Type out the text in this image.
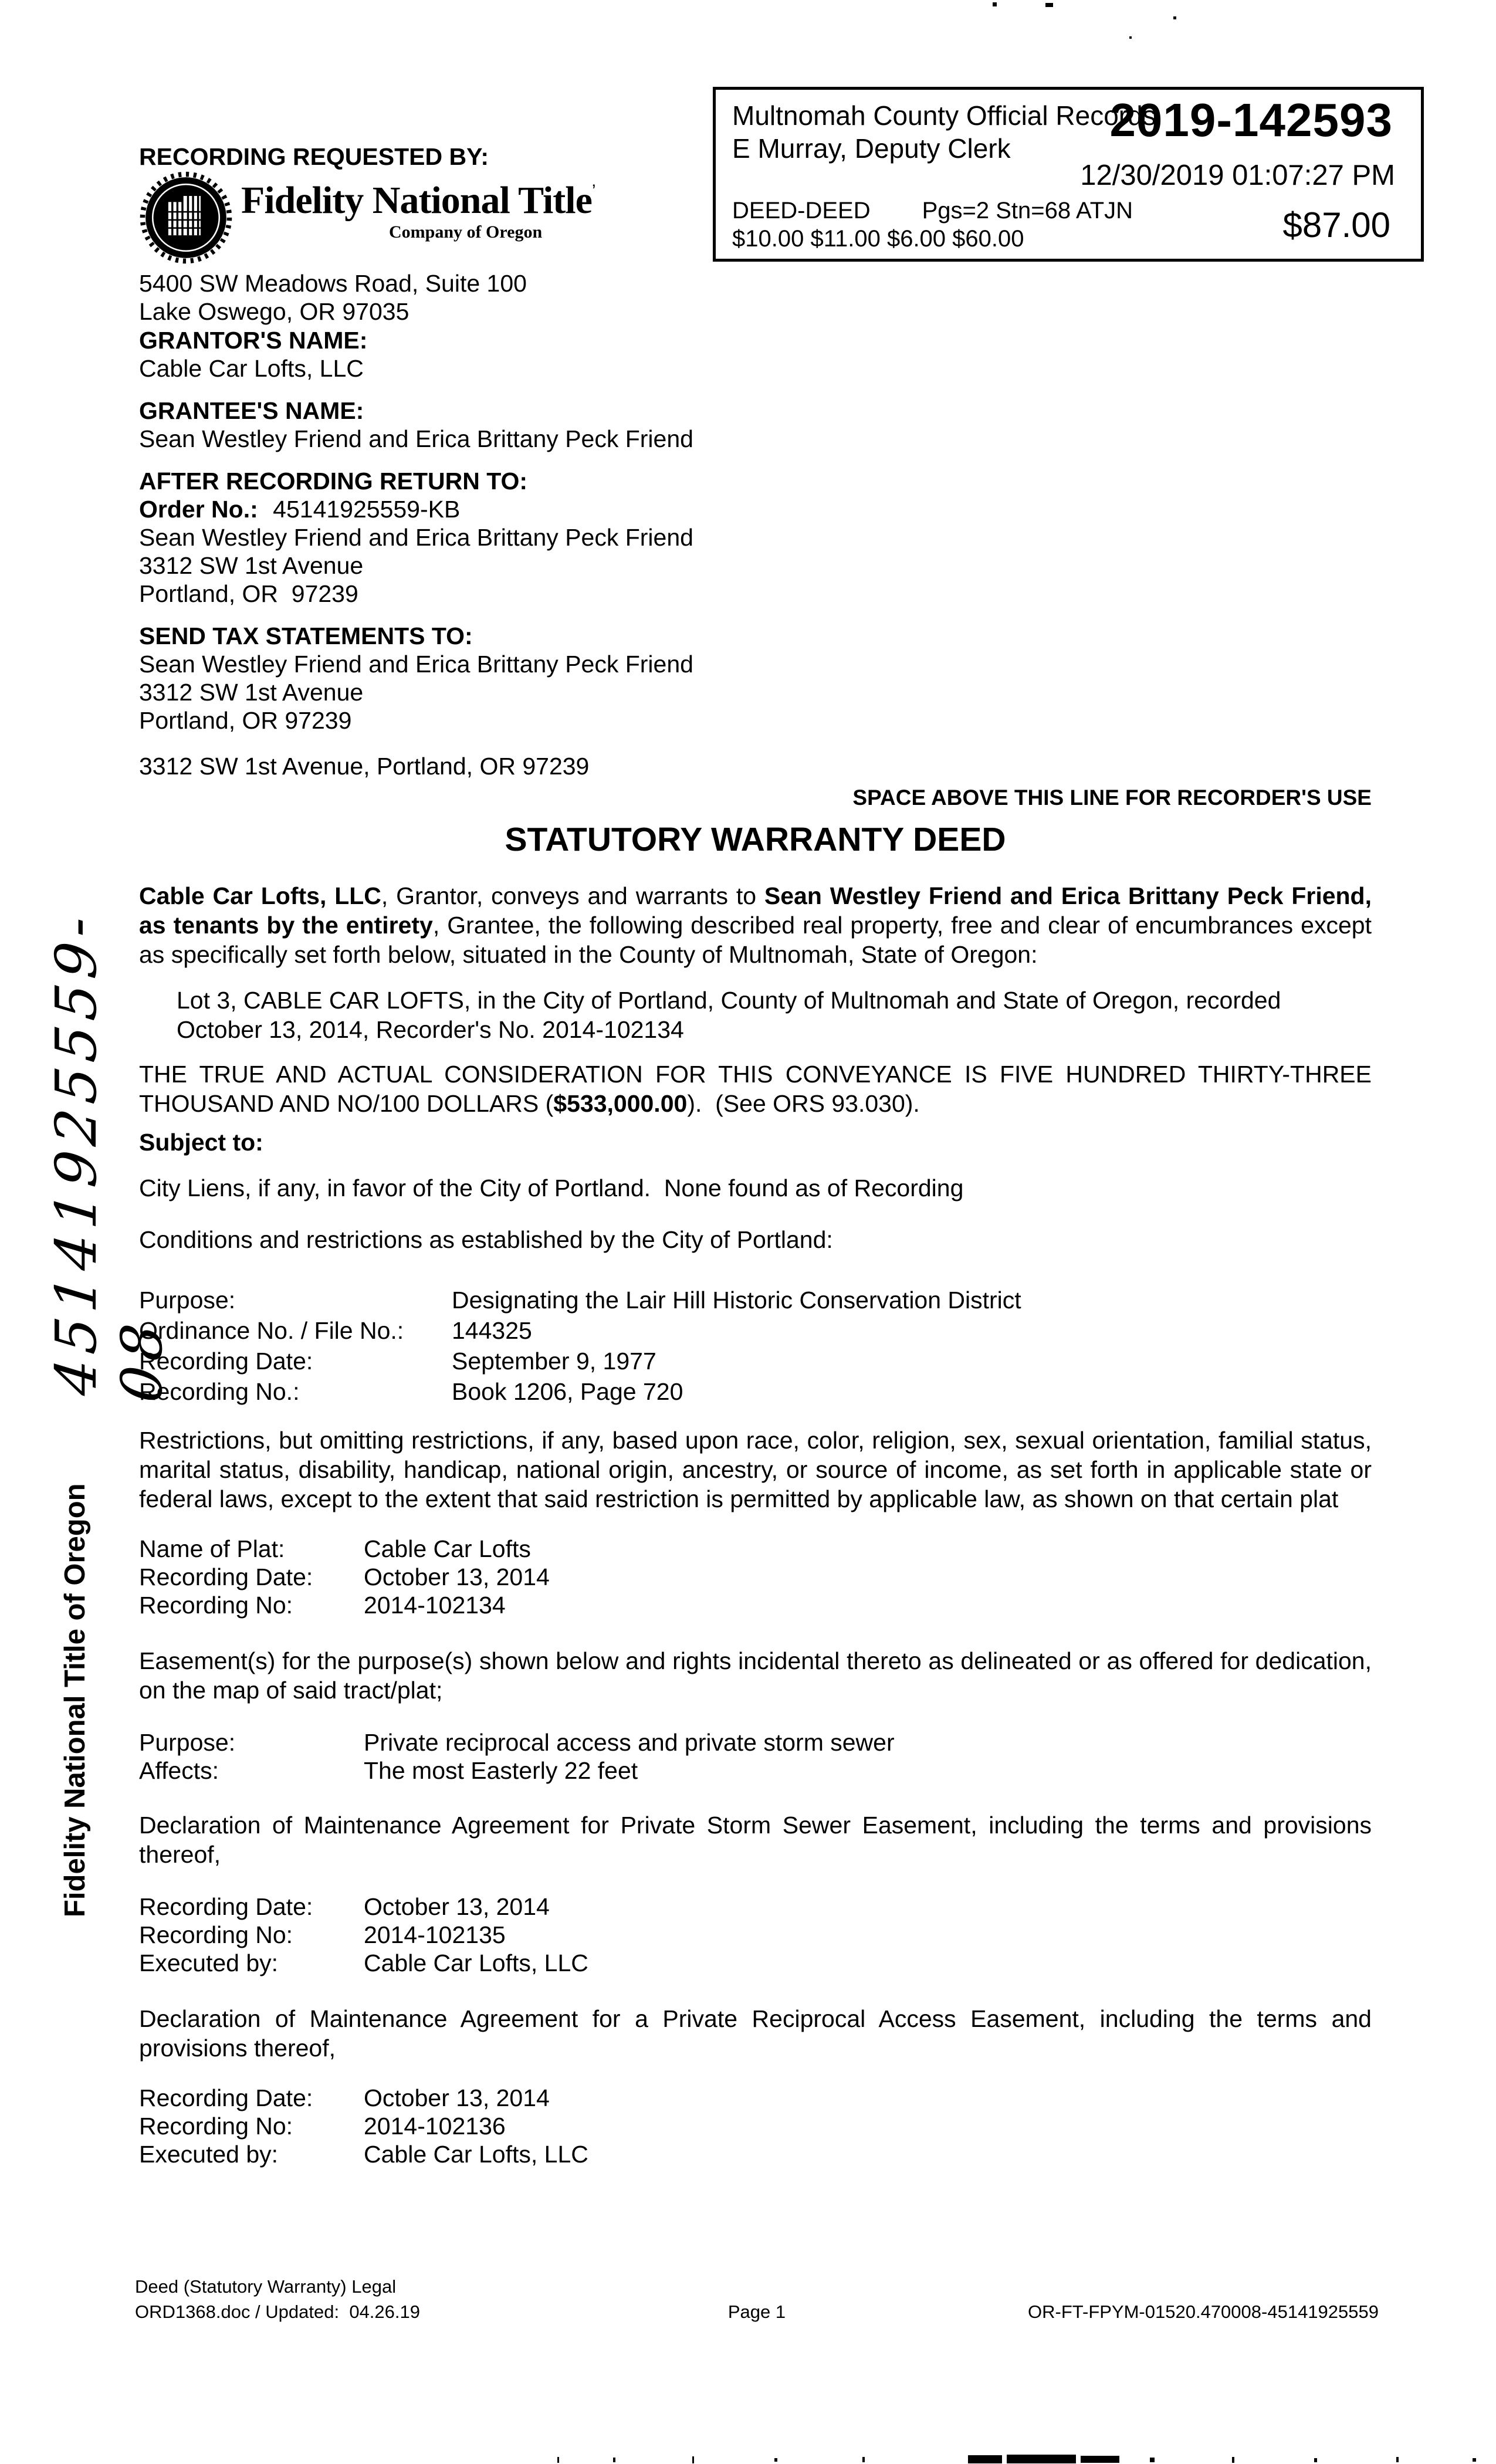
Multnomah County Official Records
E Murray, Deputy Clerk
2019-142593
12/30/2019 01:07:27 PM
DEED-DEED Pgs=2 Stn=68 ATJN
$10.00 $11.00 $6.00 $60.00	$87.00
RECORDING REQUESTED BY:
Fidelity National Title’
Company of Oregon
5400 SW Meadows Road, Suite 100
Lake Oswego, OR 97035
GRANTOR'S NAME:
Cable Car Lofts, LLC
GRANTEE'S NAME:
Sean Westley Friend and Erica Brittany Peck Friend
AFTER RECORDING RETURN TO:
Order No.: 45141925559-KB
Sean Westley Friend and Erica Brittany Peck Friend
3312 SW 1st Avenue
Portland, OR  97239
SEND TAX STATEMENTS TO:
Sean Westley Friend and Erica Brittany Peck Friend
3312 SW 1st Avenue
Portland, OR 97239
3312 SW 1st Avenue, Portland, OR 97239
SPACE ABOVE THIS LINE FOR RECORDER'S USE
STATUTORY WARRANTY DEED
Cable Car Lofts, LLC, Grantor, conveys and warrants to Sean Westley Friend and Erica Brittany Peck Friend, as tenants by the entirety, Grantee, the following described real property, free and clear of encumbrances except as specifically set forth below, situated in the County of Multnomah, State of Oregon:
Lot 3, CABLE CAR LOFTS, in the City of Portland, County of Multnomah and State of Oregon, recorded
October 13, 2014, Recorder's No. 2014-102134
THE TRUE AND ACTUAL CONSIDERATION FOR THIS CONVEYANCE IS FIVE HUNDRED THIRTY-THREE THOUSAND AND NO/100 DOLLARS ($533,000.00).  (See ORS 93.030).
Subject to:
City Liens, if any, in favor of the City of Portland.  None found as of Recording
Conditions and restrictions as established by the City of Portland:
Purpose:	Designating the Lair Hill Historic Conservation District
Ordinance No. / File No.: 144325
Recording Date:	September 9, 1977
Recording No.:	Book 1206, Page 720
Restrictions, but omitting restrictions, if any, based upon race, color, religion, sex, sexual orientation, familial status, marital status, disability, handicap, national origin, ancestry, or source of income, as set forth in applicable state or federal laws, except to the extent that said restriction is permitted by applicable law, as shown on that certain plat
Name of Plat:	Cable Car Lofts
Recording Date: October 13, 2014
Recording No:	2014-102134
Easement(s) for the purpose(s) shown below and rights incidental thereto as delineated or as offered for dedication, on the map of said tract/plat;
Purpose:	Private reciprocal access and private storm sewer
Affects:	The most Easterly 22 feet
Declaration of Maintenance Agreement for Private Storm Sewer Easement, including the terms and provisions thereof,
Recording Date: October 13, 2014
Recording No:	2014-102135
Executed by:	Cable Car Lofts, LLC
Declaration of Maintenance Agreement for a Private Reciprocal Access Easement, including the terms and provisions thereof,
Recording Date: October 13, 2014
Recording No:	2014-102136
Executed by:	Cable Car Lofts, LLC
45141925559-08
Fidelity National Title of Oregon
Deed (Statutory Warranty) Legal
ORD1368.doc / Updated:  04.26.19	Page 1	OR-FT-FPYM-01520.470008-45141925559
